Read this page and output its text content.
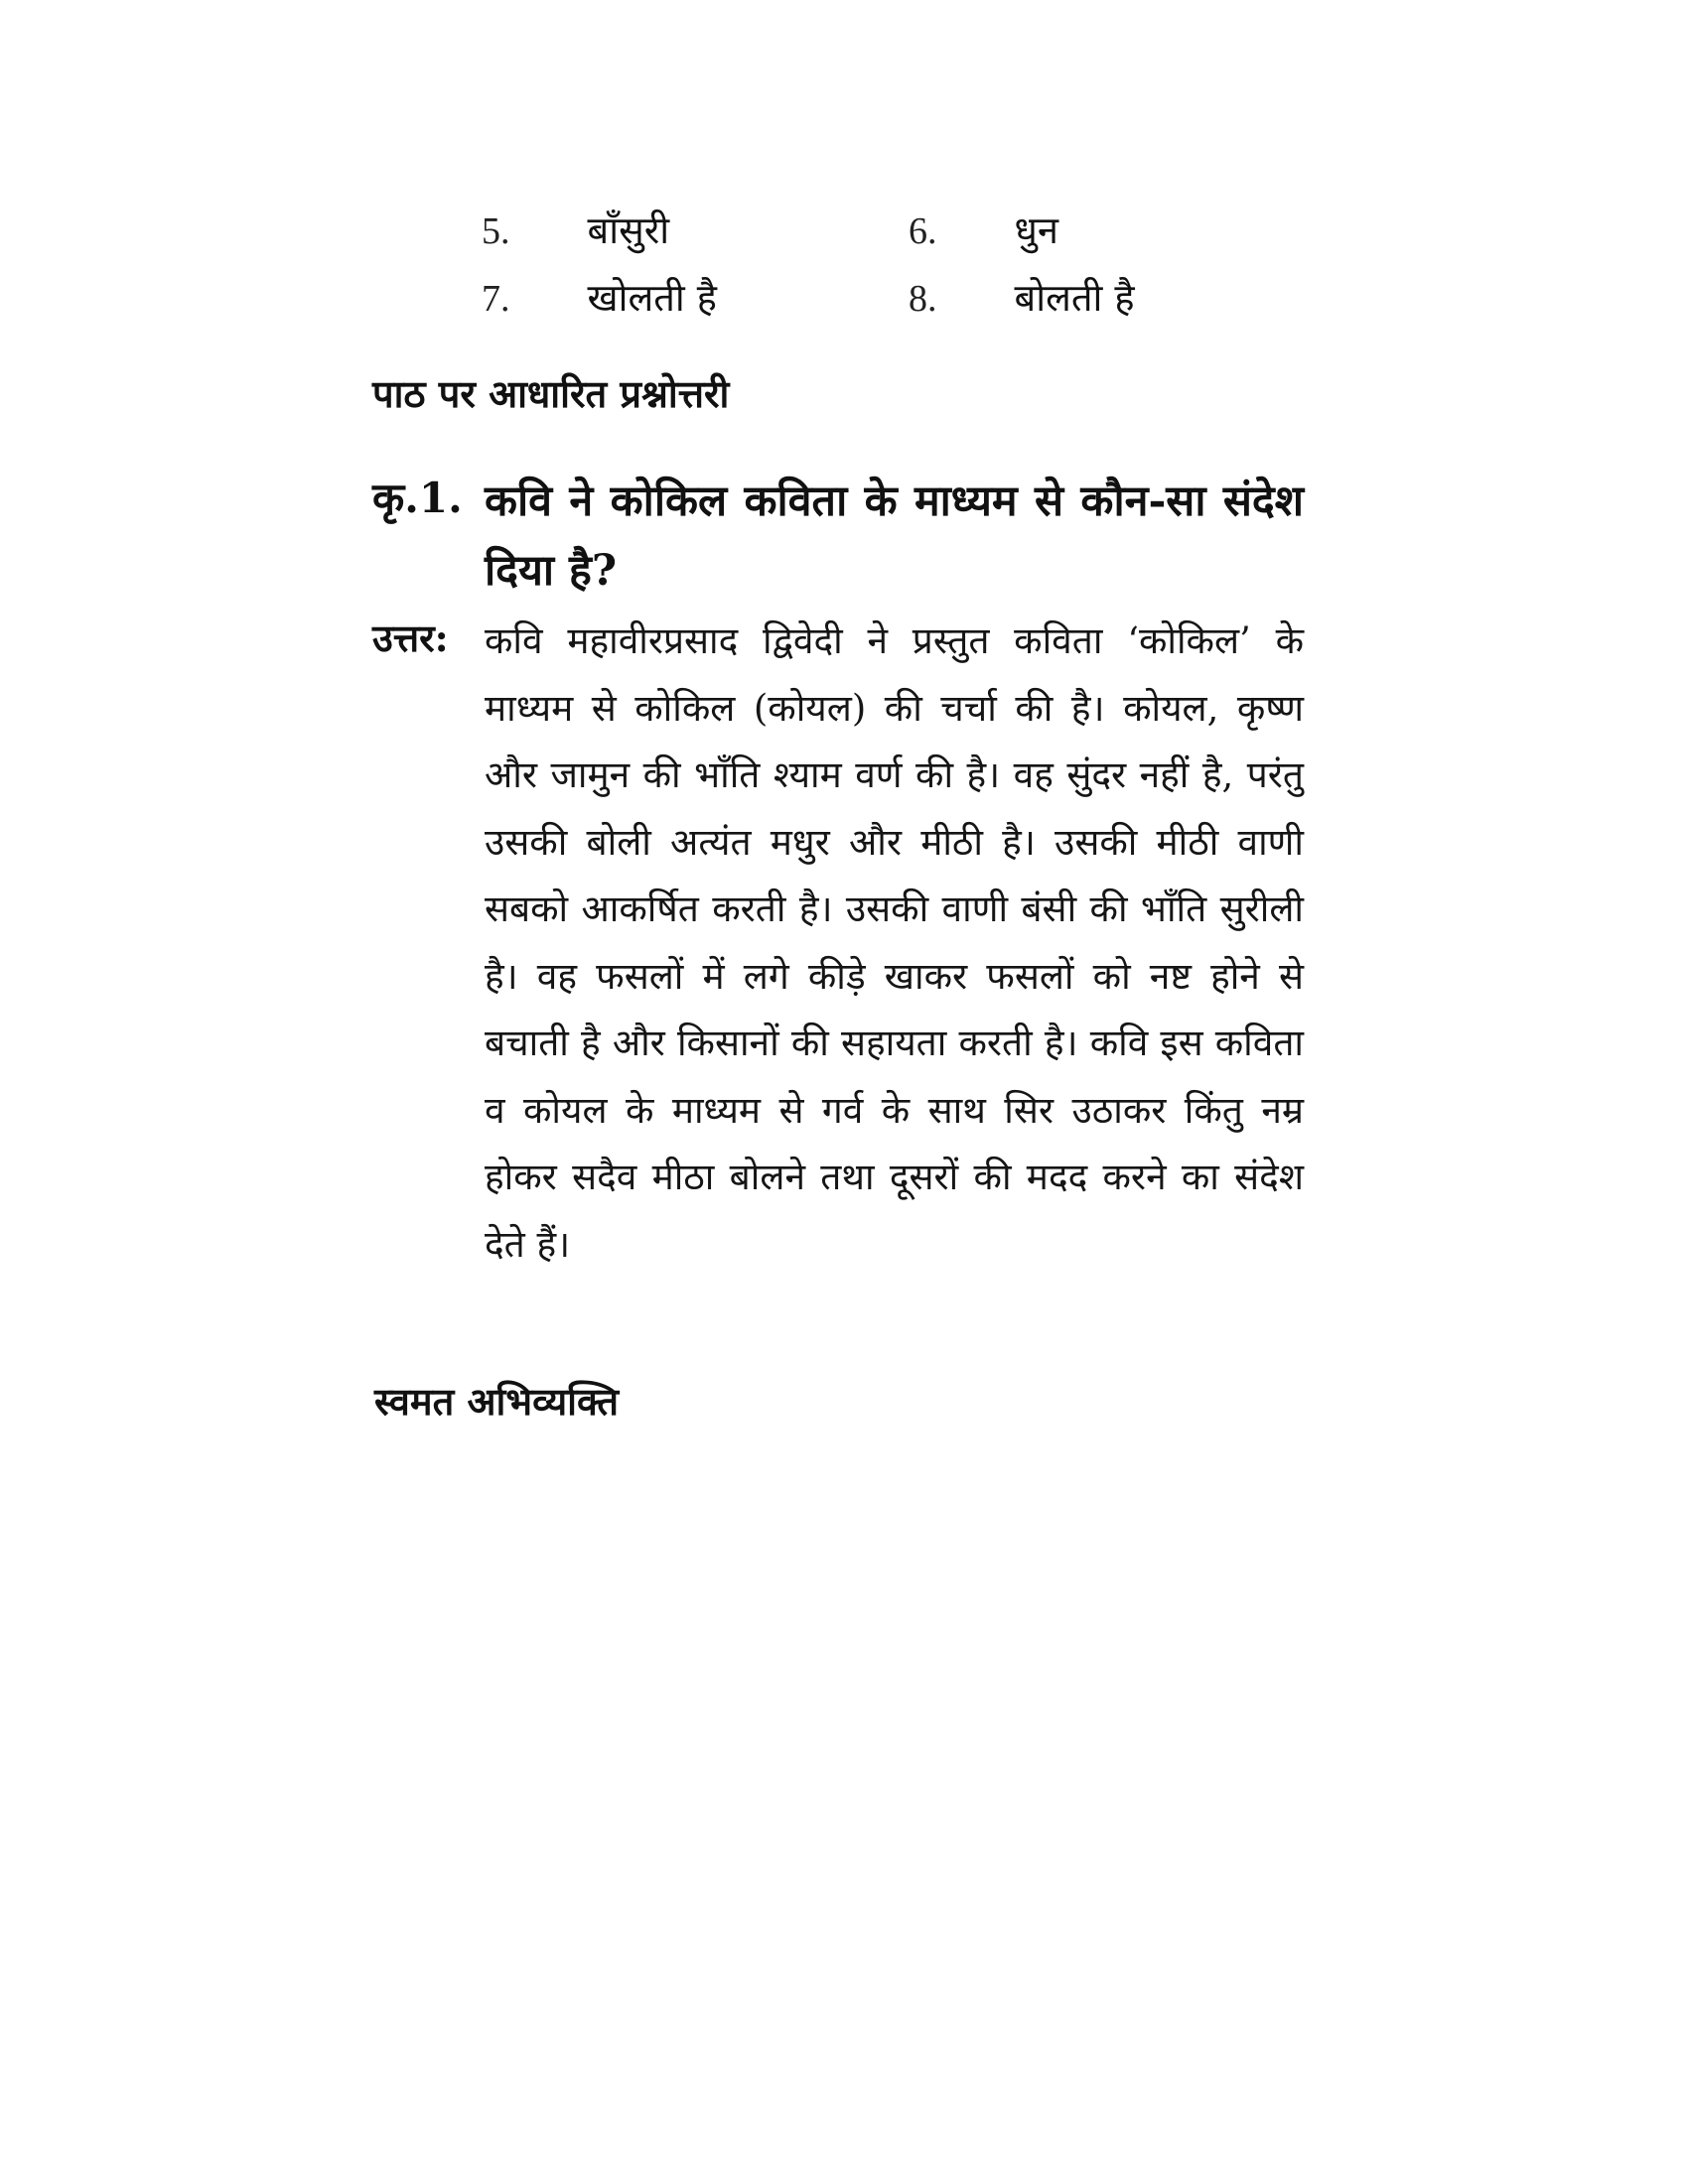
5.	बाँसुरी	6.	धुन
7.	खोलती है	8.	बोलती है
पाठ पर आधारित प्रश्नोत्तरी
कृ.1. कवि ने कोकिल कविता के माध्यम से कौन-सा संदेश दिया है?
उत्तर: कवि महावीरप्रसाद द्विवेदी ने प्रस्तुत कविता ‘कोकिल’ के माध्यम से कोकिल (कोयल) की चर्चा की है। कोयल, कृष्ण और जामुन की भाँति श्याम वर्ण की है। वह सुंदर नहीं है, परंतु उसकी बोली अत्यंत मधुर और मीठी है। उसकी मीठी वाणी सबको आकर्षित करती है। उसकी वाणी बंसी की भाँति सुरीली है। वह फसलों में लगे कीड़े खाकर फसलों को नष्ट होने से बचाती है और किसानों की सहायता करती है। कवि इस कविता व कोयल के माध्यम से गर्व के साथ सिर उठाकर किंतु नम्र होकर सदैव मीठा बोलने तथा दूसरों की मदद करने का संदेश देते हैं।
स्वमत अभिव्यक्ति
